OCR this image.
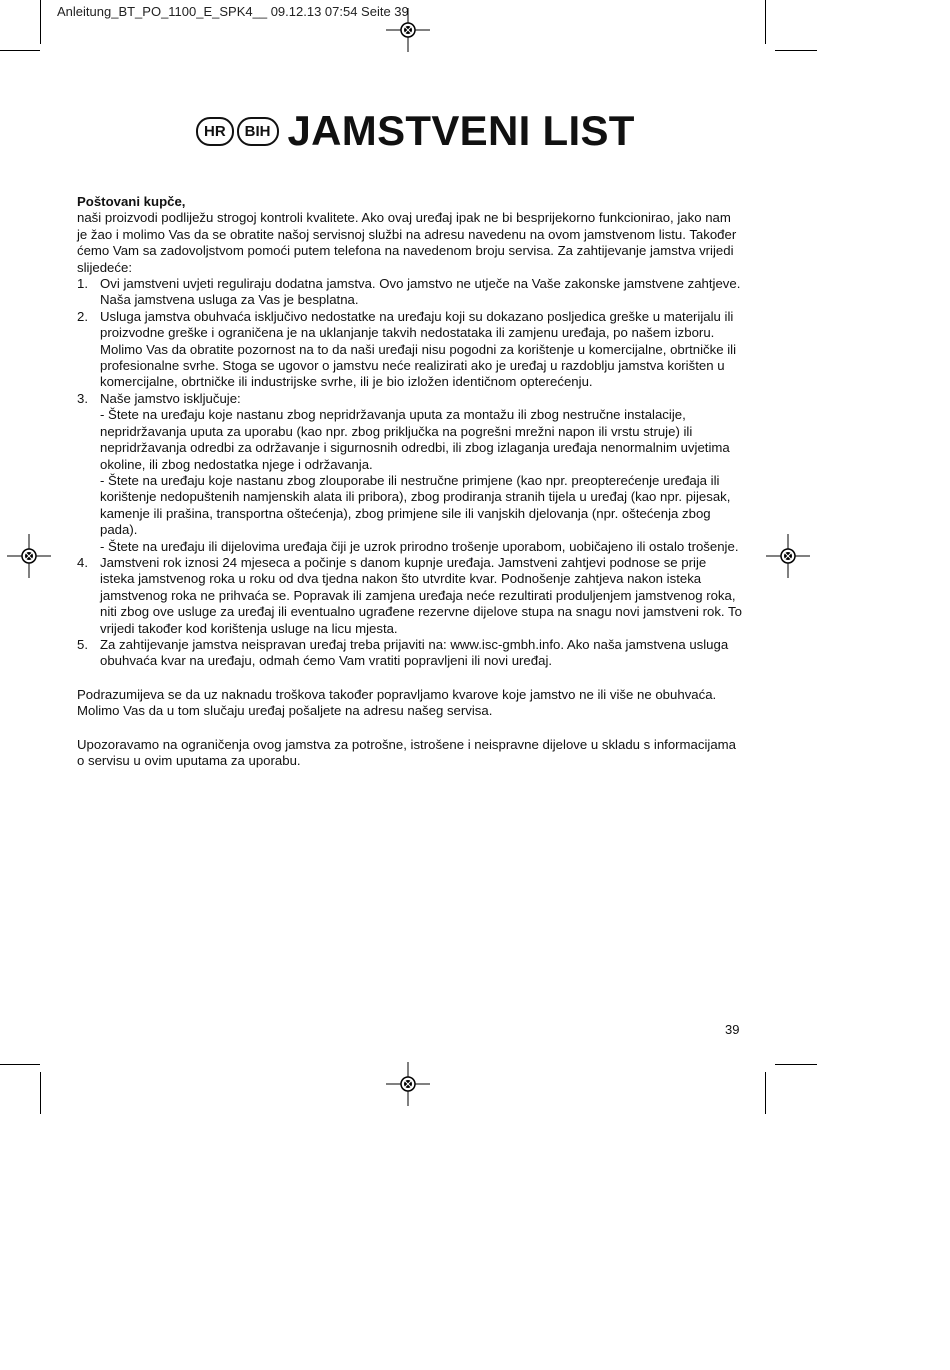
Anleitung_BT_PO_1100_E_SPK4__ 09.12.13 07:54 Seite 39
HR	BIH JAMSTVENI LIST

Poštovani kupče,

naši proizvodi podliježu strogoj kontroli kvalitete. Ako ovaj uređaj ipak ne bi besprijekorno funkcionirao, jako nam je žao i molimo Vas da se obratite našoj servisnoj službi na adresu navedenu na ovom jamstvenom listu. Također ćemo Vam sa zadovoljstvom pomoći putem telefona na navedenom broju servisa. Za zahtijevanje jamstva vrijedi slijedeće:

1. Ovi jamstveni uvjeti reguliraju dodatna jamstva. Ovo jamstvo ne utječe na Vaše zakonske jamstvene zahtjeve. Naša jamstvena usluga za Vas je besplatna.
2. Usluga jamstva obuhvaća isključivo nedostatke na uređaju koji su dokazano posljedica greške u materijalu ili proizvodne greške i ograničena je na uklanjanje takvih nedostataka ili zamjenu uređaja, po našem izboru. Molimo Vas da obratite pozornost na to da naši uređaji nisu pogodni za korištenje u komercijalne, obrtničke ili profesionalne svrhe. Stoga se ugovor o jamstvu neće realizirati ako je uređaj u razdoblju jamstva korišten u komercijalne, obrtničke ili industrijske svrhe, ili je bio izložen identičnom opterećenju.
3. Naše jamstvo isključuje:
- Štete na uređaju koje nastanu zbog nepridržavanja uputa za montažu ili zbog nestručne instalacije, nepridržavanja uputa za uporabu (kao npr. zbog priključka na pogrešni mrežni napon ili vrstu struje) ili nepridržavanja odredbi za održavanje i sigurnosnih odredbi, ili zbog izlaganja uređaja nenormalnim uvjetima okoline, ili zbog nedostatka njege i održavanja.
- Štete na uređaju koje nastanu zbog zlouporabe ili nestručne primjene (kao npr. preopterećenje uređaja ili korištenje nedopuštenih namjenskih alata ili pribora), zbog prodiranja stranih tijela u uređaj (kao npr. pijesak, kamenje ili prašina, transportna oštećenja), zbog primjene sile ili vanjskih djelovanja (npr. oštećenja zbog pada).
- Štete na uređaju ili dijelovima uređaja čiji je uzrok prirodno trošenje uporabom, uobičajeno ili ostalo trošenje.
4. Jamstveni rok iznosi 24 mjeseca a počinje s danom kupnje uređaja. Jamstveni zahtjevi podnose se prije isteka jamstvenog roka u roku od dva tjedna nakon što utvrdite kvar. Podnošenje zahtjeva nakon isteka jamstvenog roka ne prihvaća se. Popravak ili zamjena uređaja neće rezultirati produljenjem jamstvenog roka, niti zbog ove usluge za uređaj ili eventualno ugrađene rezervne dijelove stupa na snagu novi jamstveni rok. To vrijedi također kod korištenja usluge na licu mjesta.
5. Za zahtijevanje jamstva neispravan uređaj treba prijaviti na: www.isc-gmbh.info. Ako naša jamstvena usluga obuhvaća kvar na uređaju, odmah ćemo Vam vratiti popravljeni ili novi uređaj.

Podrazumijeva se da uz naknadu troškova također popravljamo kvarove koje jamstvo ne ili više ne obuhvaća. Molimo Vas da u tom slučaju uređaj pošaljete na adresu našeg servisa.

Upozoravamo na ograničenja ovog jamstva za potrošne, istrošene i neispravne dijelove u skladu s informacijama o servisu u ovim uputama za uporabu.

39
